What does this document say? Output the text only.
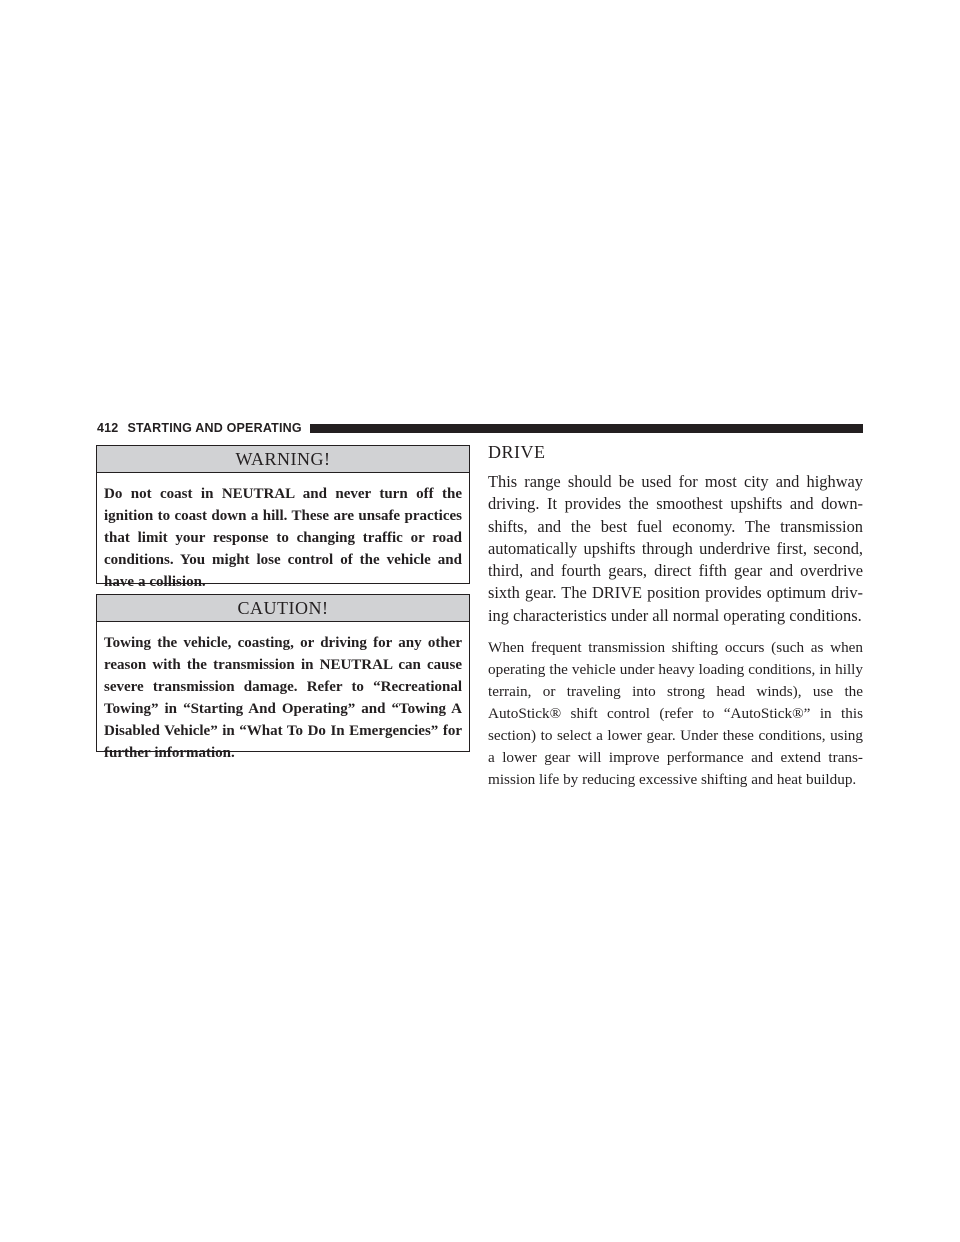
412 STARTING AND OPERATING
WARNING!
Do not coast in NEUTRAL and never turn off the ignition to coast down a hill. These are unsafe practices that limit your response to changing traffic or road conditions. You might lose control of the vehicle and have a collision.
CAUTION!
Towing the vehicle, coasting, or driving for any other reason with the transmission in NEUTRAL can cause severe transmission damage. Refer to “Recreational Towing” in “Starting And Operating” and “Towing A Disabled Vehicle” in “What To Do In Emergencies” for further information.
DRIVE

This range should be used for most city and highway driving. It provides the smoothest upshifts and down-shifts, and the best fuel economy. The transmission automatically upshifts through underdrive first, second, third, and fourth gears, direct fifth gear and overdrive sixth gear. The DRIVE position provides optimum driv-ing characteristics under all normal operating conditions.

When frequent transmission shifting occurs (such as when operating the vehicle under heavy loading conditions, in hilly terrain, or traveling into strong head winds), use the AutoStick® shift control (refer to “AutoStick®” in this section) to select a lower gear. Under these conditions, using a lower gear will improve performance and extend trans-mission life by reducing excessive shifting and heat buildup.
